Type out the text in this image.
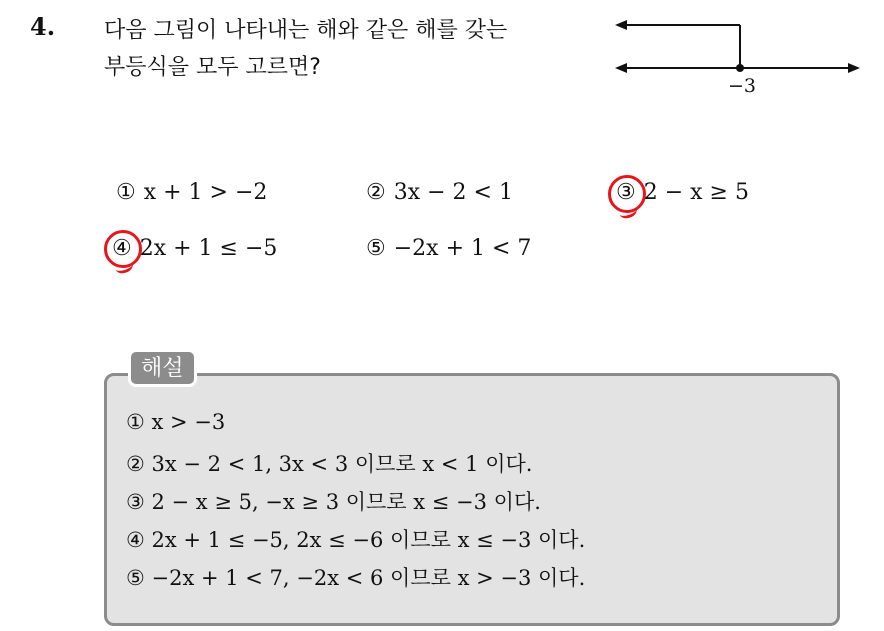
4. 다음 그림이 나타내는 해와 같은 해를 갖는
부등식을 모두 고르면?
−3
① x + 1 > −2	② 3x − 2 < 1	③ 2 − x ≥ 5
④ 2x + 1 ≤ −5	⑤ −2x + 1 < 7
해설
① x > −3
② 3x − 2 < 1, 3x < 3 이므로 x < 1 이다.
③ 2 − x ≥ 5, −x ≥ 3 이므로 x ≤ −3 이다.
④ 2x + 1 ≤ −5, 2x ≤ −6 이므로 x ≤ −3 이다.
⑤ −2x + 1 < 7, −2x < 6 이므로 x > −3 이다.
